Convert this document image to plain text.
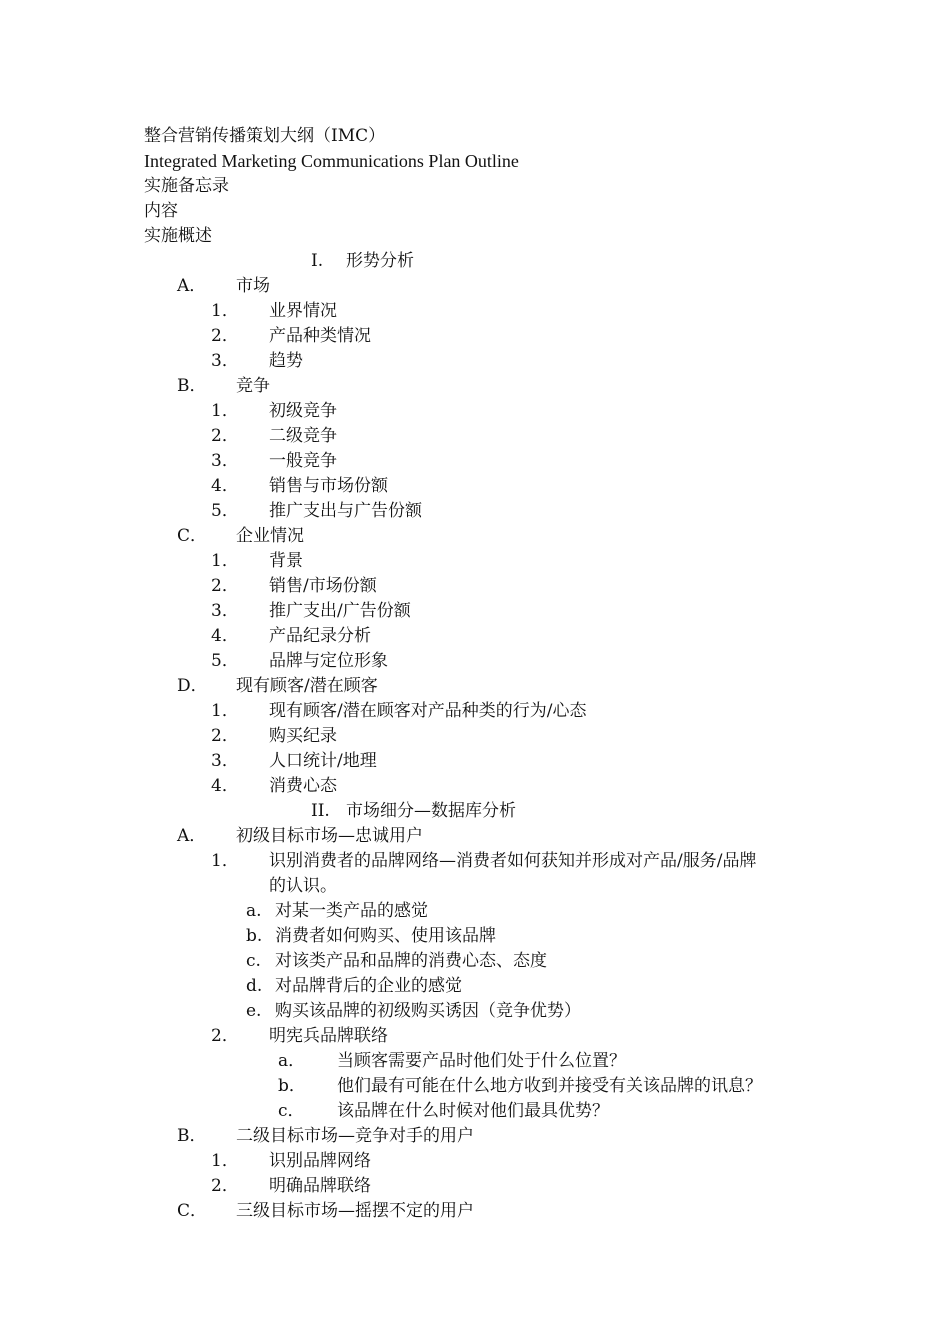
整合营销传播策划大纲（IMC）
Integrated Marketing Communications Plan Outline
实施备忘录
内容
实施概述
I. 形势分析
A． 市场
1． 业界情况
2． 产品种类情况
3． 趋势
B． 竞争
1． 初级竞争
2． 二级竞争
3． 一般竞争
4． 销售与市场份额
5． 推广支出与广告份额
C． 企业情况
1． 背景
2． 销售/市场份额
3． 推广支出/广告份额
4． 产品纪录分析
5． 品牌与定位形象
D． 现有顾客/潜在顾客
1． 现有顾客/潜在顾客对产品种类的行为/心态
2． 购买纪录
3． 人口统计/地理
4． 消费心态
II. 市场细分—数据库分析
A． 初级目标市场—忠诚用户
1． 识别消费者的品牌网络—消费者如何获知并形成对产品/服务/品牌
的认识。
a. 对某一类产品的感觉
b. 消费者如何购买、使用该品牌
c. 对该类产品和品牌的消费心态、态度
d. 对品牌背后的企业的感觉
e. 购买该品牌的初级购买诱因（竞争优势）
2． 明宪兵品牌联络
a． 当顾客需要产品时他们处于什么位置？
b． 他们最有可能在什么地方收到并接受有关该品牌的讯息？
c． 该品牌在什么时候对他们最具优势？
B． 二级目标市场—竞争对手的用户
1． 识别品牌网络
2． 明确品牌联络
C． 三级目标市场—摇摆不定的用户
